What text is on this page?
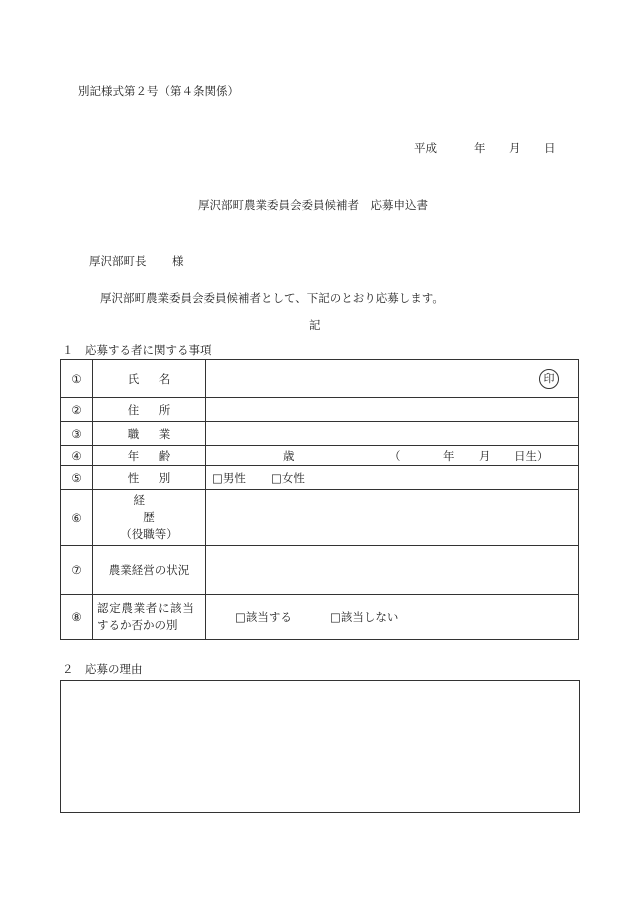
別記様式第２号（第４条関係）
平成	年 月 日
厚沢部町農業委員会委員候補者　応募申込書
厚沢部町長 様
厚沢部町農業委員会委員候補者として、下記のとおり応募します。
記
１　応募する者に関する事項
①	氏名	印

②	住所	
③	職業	
④	年齢	歳 （ 年 月 日生）

⑤	性別	□男性 □女性

⑥	経歴
（役職等）	
⑦	農業経営の状況	
⑧	認定農業者に該当
するか否かの別	□該当する □該当しない
２　応募の理由
